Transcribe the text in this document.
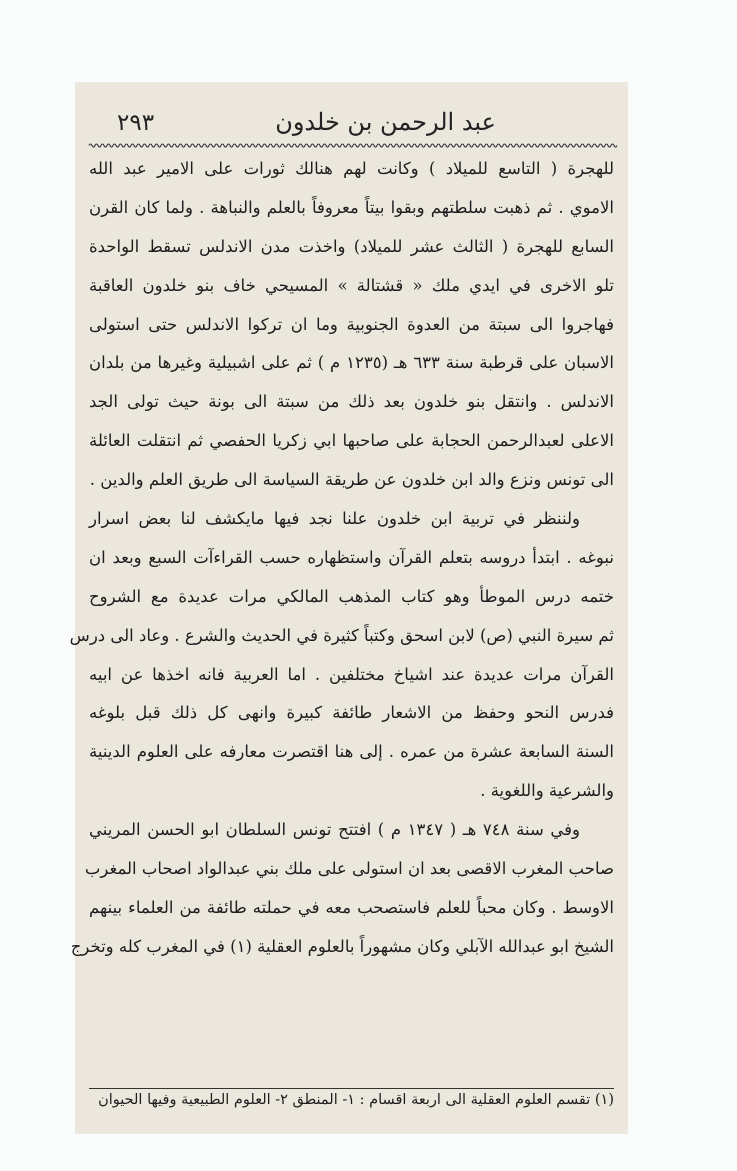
عبد الرحمن بن خلدون
٢٩٣
للهجرة ( التاسع للميلاد ) وكانت لهم هنالك ثورات على الامير عبد الله
الاموي . ثم ذهبت سلطتهم وبقوا بيتاً معروفاً بالعلم والنباهة . ولما كان القرن
السابع للهجرة ( الثالث عشر للميلاد) واخذت مدن الاندلس تسقط الواحدة
تلو الاخرى في ايدي ملك « قشتالة » المسيحي خاف بنو خلدون العاقبة
فهاجروا الى سبتة من العدوة الجنوبية وما ان تركوا الاندلس حتى استولى
الاسبان على قرطبة سنة ٦٣٣ هـ (١٢٣٥ م ) ثم على اشبيلية وغيرها من بلدان
الاندلس . وانتقل بنو خلدون بعد ذلك من سبتة الى بونة حيث تولى الجد
الاعلى لعبدالرحمن الحجابة على صاحبها ابي زكريا الحفصي ثم انتقلت العائلة
الى تونس ونزع والد ابن خلدون عن طريقة السياسة الى طريق العلم والدين .
ولننظر في تربية ابن خلدون علنا نجد فيها مايكشف لنا بعض اسرار
نبوغه . ابتدأ دروسه بتعلم القرآن واستظهاره حسب القراءآت السبع وبعد ان
ختمه درس الموطأ وهو كتاب المذهب المالكي مرات عديدة مع الشروح
ثم سيرة النبي (ص) لابن اسحق وكتباً كثيرة في الحديث والشرع . وعاد الى درس
القرآن مرات عديدة عند اشياخ مختلفين . اما العربية فانه اخذها عن ابيه
فدرس النحو وحفظ من الاشعار طائفة كبيرة وانهى كل ذلك قبل بلوغه
السنة السابعة عشرة من عمره . إلى هنا اقتصرت معارفه على العلوم الدينية
والشرعية واللغوية .
وفي سنة ٧٤٨ هـ ( ١٣٤٧ م ) افتتح تونس السلطان ابو الحسن المريني
صاحب المغرب الاقصى بعد ان استولى على ملك بني عبدالواد اصحاب المغرب
الاوسط . وكان محباً للعلم فاستصحب معه في حملته طائفة من العلماء بينهم
الشيخ ابو عبدالله الآبلي وكان مشهوراً بالعلوم العقلية (١) في المغرب كله وتخرج
(١) تقسم العلوم العقلية الى اربعة اقسام : ١- المنطق ٢- العلوم الطبيعية وفيها الحيوان
